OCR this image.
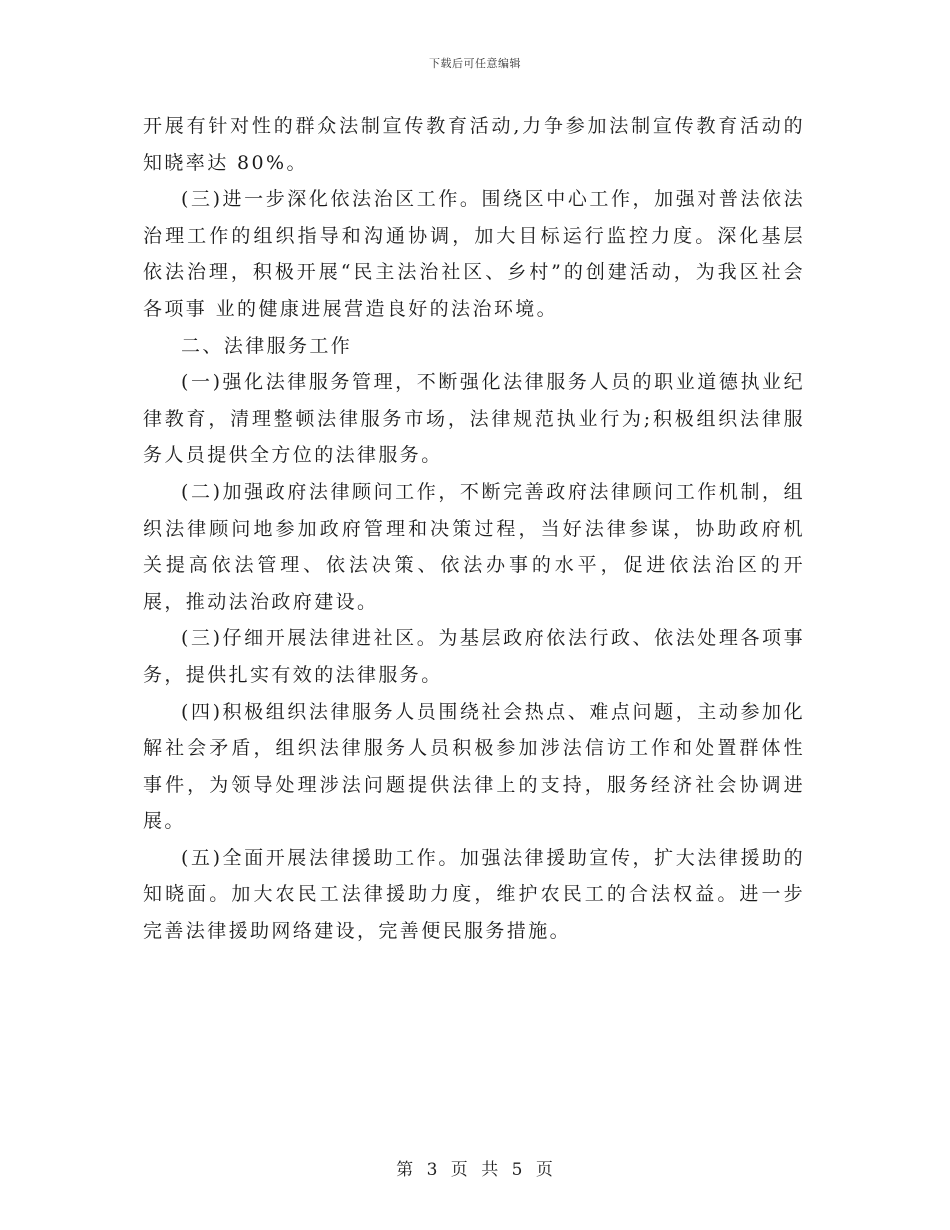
下载后可任意编辑

开展有针对性的群众法制宣传教育活动,力争参加法制宣传教育活动的知晓率达 80%。

(三)进一步深化依法治区工作。围绕区中心工作，加强对普法依法治理工作的组织指导和沟通协调，加大目标运行监控力度。深化基层依法治理，积极开展“民主法治社区、乡村”的创建活动，为我区社会各项事 业的健康进展营造良好的法治环境。

二、法律服务工作

(一)强化法律服务管理，不断强化法律服务人员的职业道德执业纪律教育，清理整顿法律服务市场，法律规范执业行为;积极组织法律服务人员提供全方位的法律服务。

(二)加强政府法律顾问工作，不断完善政府法律顾问工作机制，组织法律顾问地参加政府管理和决策过程，当好法律参谋，协助政府机关提高依法管理、依法决策、依法办事的水平，促进依法治区的开展，推动法治政府建设。

(三)仔细开展法律进社区。为基层政府依法行政、依法处理各项事务，提供扎实有效的法律服务。

(四)积极组织法律服务人员围绕社会热点、难点问题，主动参加化解社会矛盾，组织法律服务人员积极参加涉法信访工作和处置群体性事件，为领导处理涉法问题提供法律上的支持，服务经济社会协调进展。

(五)全面开展法律援助工作。加强法律援助宣传，扩大法律援助的知晓面。加大农民工法律援助力度，维护农民工的合法权益。进一步完善法律援助网络建设，完善便民服务措施。

第 3 页 共 5 页
